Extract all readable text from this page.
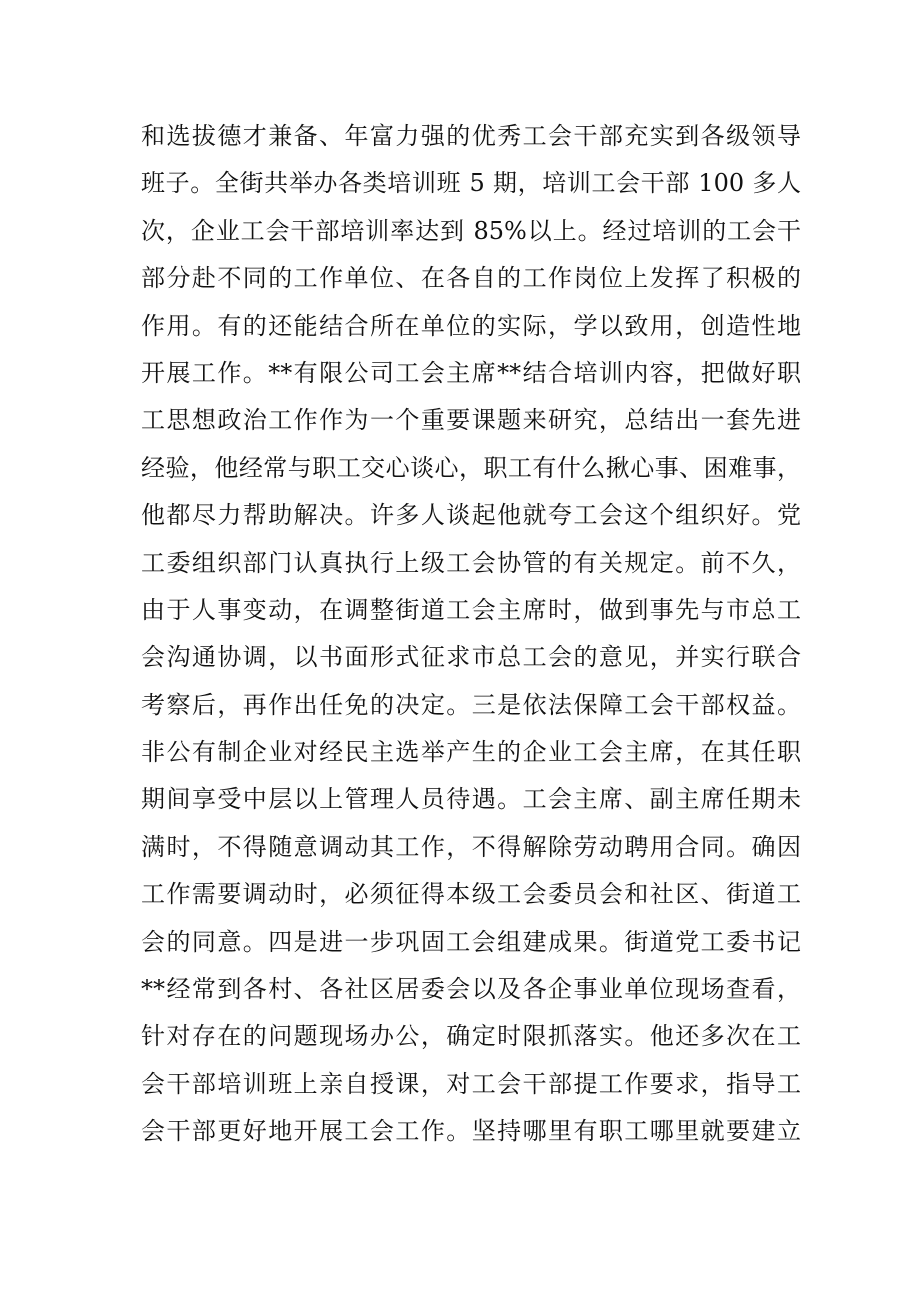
和选拔德才兼备、年富力强的优秀工会干部充实到各级领导
班子。全街共举办各类培训班 5 期，培训工会干部 100 多人
次，企业工会干部培训率达到 85%以上。经过培训的工会干
部分赴不同的工作单位、在各自的工作岗位上发挥了积极的
作用。有的还能结合所在单位的实际，学以致用，创造性地
开展工作。**有限公司工会主席**结合培训内容，把做好职
工思想政治工作作为一个重要课题来研究，总结出一套先进
经验，他经常与职工交心谈心，职工有什么揪心事、困难事，
他都尽力帮助解决。许多人谈起他就夸工会这个组织好。党
工委组织部门认真执行上级工会协管的有关规定。前不久，
由于人事变动，在调整街道工会主席时，做到事先与市总工
会沟通协调，以书面形式征求市总工会的意见，并实行联合
考察后，再作出任免的决定。三是依法保障工会干部权益。
非公有制企业对经民主选举产生的企业工会主席，在其任职
期间享受中层以上管理人员待遇。工会主席、副主席任期未
满时，不得随意调动其工作，不得解除劳动聘用合同。确因
工作需要调动时，必须征得本级工会委员会和社区、街道工
会的同意。四是进一步巩固工会组建成果。街道党工委书记
**经常到各村、各社区居委会以及各企事业单位现场查看，
针对存在的问题现场办公，确定时限抓落实。他还多次在工
会干部培训班上亲自授课，对工会干部提工作要求，指导工
会干部更好地开展工会工作。坚持哪里有职工哪里就要建立
